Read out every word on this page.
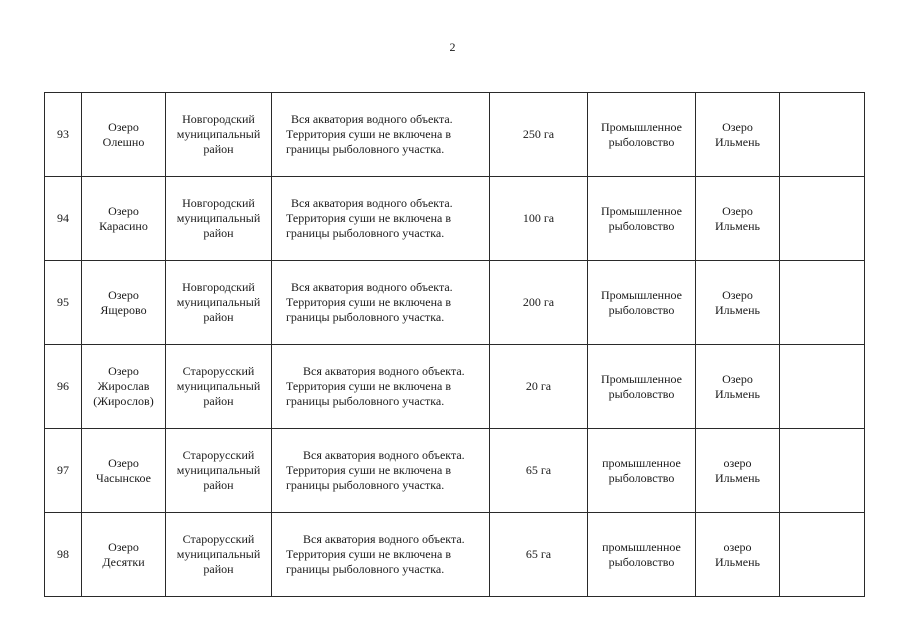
2
93	Озеро
Олешно	Новгородский
муниципальный
район	Вся акватория водного объекта.
Территория суши не включена в
границы рыболовного участка.	250 га	Промышленное
рыболовство	Озеро
Ильмень	
94	Озеро
Карасино	Новгородский
муниципальный
район	Вся акватория водного объекта.
Территория суши не включена в
границы рыболовного участка.	100 га	Промышленное
рыболовство	Озеро
Ильмень	
95	Озеро
Ящерово	Новгородский
муниципальный
район	Вся акватория водного объекта.
Территория суши не включена в
границы рыболовного участка.	200 га	Промышленное
рыболовство	Озеро
Ильмень	
96	Озеро
Жирослав
(Жирослов)	Старорусский
муниципальный
район	Вся акватория водного объекта.
Территория суши не включена в
границы рыболовного участка.	20 га	Промышленное
рыболовство	Озеро
Ильмень	
97	Озеро
Часынское	Старорусский
муниципальный
район	Вся акватория водного объекта.
Территория суши не включена в
границы рыболовного участка.	65 га	промышленное
рыболовство	озеро
Ильмень	
98	Озеро
Десятки	Старорусский
муниципальный
район	Вся акватория водного объекта.
Территория суши не включена в
границы рыболовного участка.	65 га	промышленное
рыболовство	озеро
Ильмень	
